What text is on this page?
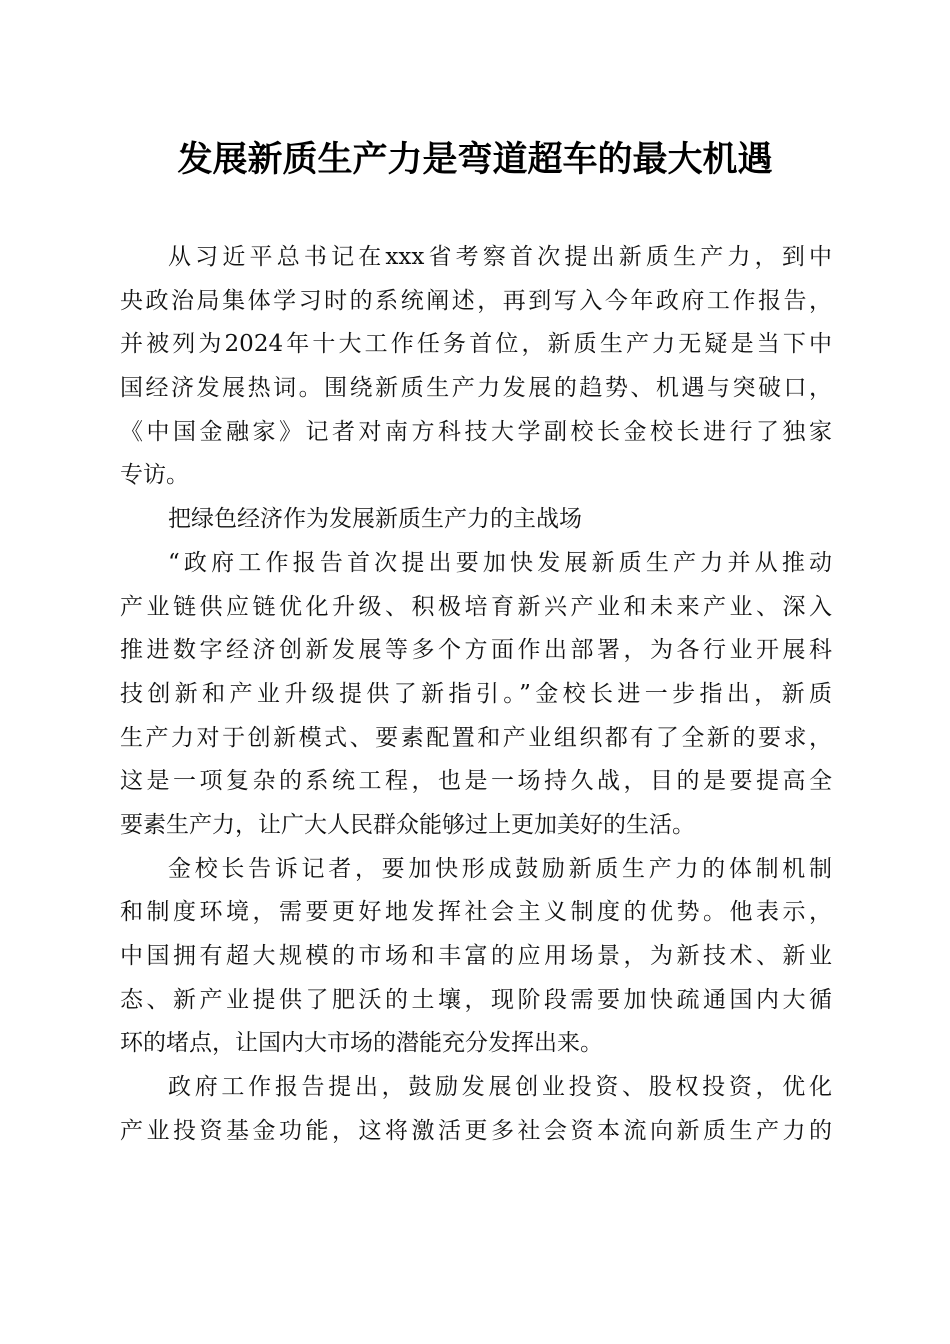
发展新质生产力是弯道超车的最大机遇
从习近平总书记在xxx省考察首次提出新质生产力，到中
央政治局集体学习时的系统阐述，再到写入今年政府工作报告，
并被列为2024年十大工作任务首位，新质生产力无疑是当下中
国经济发展热词。围绕新质生产力发展的趋势、机遇与突破口，
《中国金融家》记者对南方科技大学副校长金校长进行了独家
专访。
把绿色经济作为发展新质生产力的主战场
“政府工作报告首次提出要加快发展新质生产力并从推动
产业链供应链优化升级、积极培育新兴产业和未来产业、深入
推进数字经济创新发展等多个方面作出部署，为各行业开展科
技创新和产业升级提供了新指引。”金校长进一步指出，新质
生产力对于创新模式、要素配置和产业组织都有了全新的要求，
这是一项复杂的系统工程，也是一场持久战，目的是要提高全
要素生产力，让广大人民群众能够过上更加美好的生活。
金校长告诉记者，要加快形成鼓励新质生产力的体制机制
和制度环境，需要更好地发挥社会主义制度的优势。他表示，
中国拥有超大规模的市场和丰富的应用场景，为新技术、新业
态、新产业提供了肥沃的土壤，现阶段需要加快疏通国内大循
环的堵点，让国内大市场的潜能充分发挥出来。
政府工作报告提出，鼓励发展创业投资、股权投资，优化
产业投资基金功能，这将激活更多社会资本流向新质生产力的
